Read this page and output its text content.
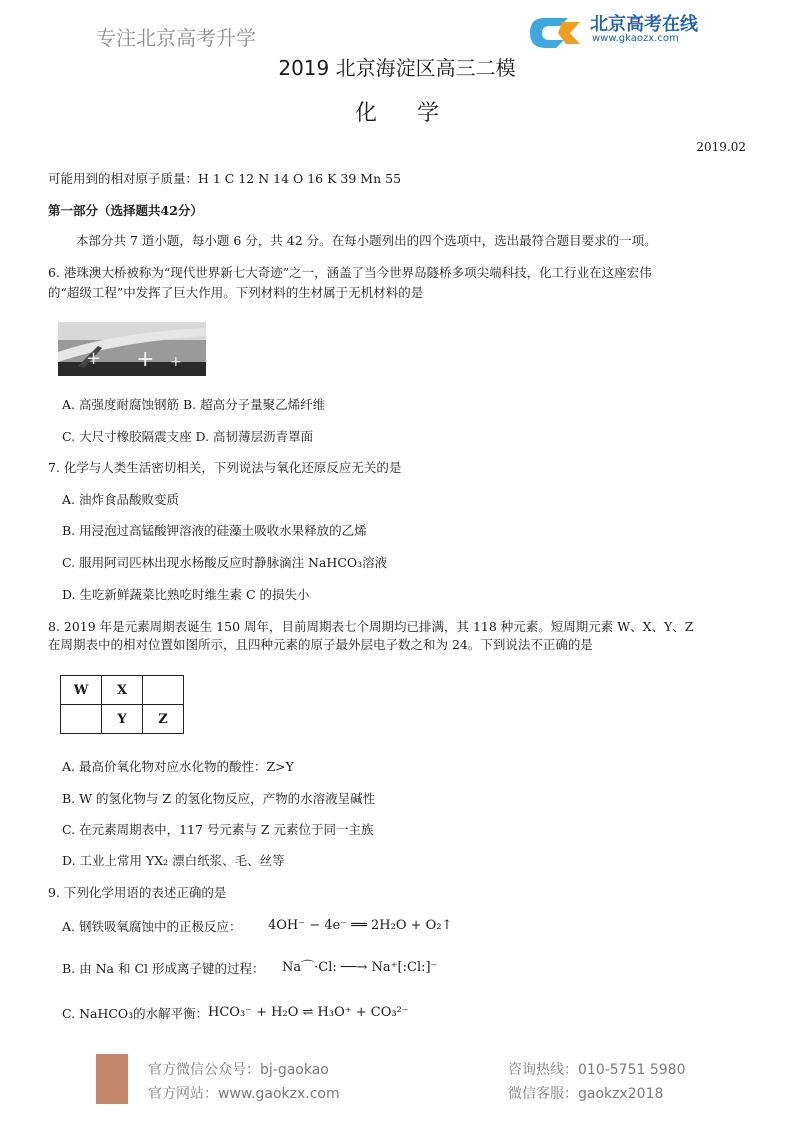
专注北京高考升学
北京高考在线
www.gkaozx.com
2019 北京海淀区高三二模
化学
2019.02
可能用到的相对原子质量：H 1 C 12 N 14 O 16 K 39 Mn 55
第一部分（选择题共42分）
本部分共 7 道小题，每小题 6 分，共 42 分。在每小题列出的四个选项中，选出最符合题目要求的一项。
6. 港珠澳大桥被称为“现代世界新七大奇迹”之一，涵盖了当今世界岛隧桥多项尖端科技，化工行业在这座宏伟
的“超级工程”中发挥了巨大作用。下列材料的生材属于无机材料的是
+ + +
A. 高强度耐腐蚀钢筋 B. 超高分子量聚乙烯纤维
C. 大尺寸橡胶隔震支座 D. 高韧薄层沥青罩面
7. 化学与人类生活密切相关，下列说法与氧化还原反应无关的是
A. 油炸食品酸败变质
B. 用浸泡过高锰酸钾溶液的硅藻土吸收水果释放的乙烯
C. 服用阿司匹林出现水杨酸反应时静脉滴注 NaHCO₃溶液
D. 生吃新鲜蔬菜比熟吃时维生素 C 的损失小
8. 2019 年是元素周期表诞生 150 周年，目前周期表七个周期均已排满，其 118 种元素。短周期元素 W、X、Y、Z
在周期表中的相对位置如图所示，且四种元素的原子最外层电子数之和为 24。下到说法不正确的是
W	X	
	Y	Z
A. 最高价氧化物对应水化物的酸性：Z>Y
B. W 的氢化物与 Z 的氢化物反应，产物的水溶液呈碱性
C. 在元素周期表中，117 号元素与 Z 元素位于同一主族
D. 工业上常用 YX₂ 漂白纸浆、毛、丝等
9. 下列化学用语的表述正确的是
A. 钢铁吸氧腐蚀中的正极反应： 4OH⁻ − 4e⁻ ══ 2H₂O + O₂↑
B. 由 Na 和 Cl 形成离子键的过程： Na⌒·Cl: ──→ Na⁺[:Cl:]⁻
C. NaHCO₃的水解平衡： HCO₃⁻ + H₂O ⇌ H₃O⁺ + CO₃²⁻
官方微信公众号：bj-gaokao
官方网站：www.gaokzx.com
咨询热线：010-5751 5980
微信客服：gaokzx2018
